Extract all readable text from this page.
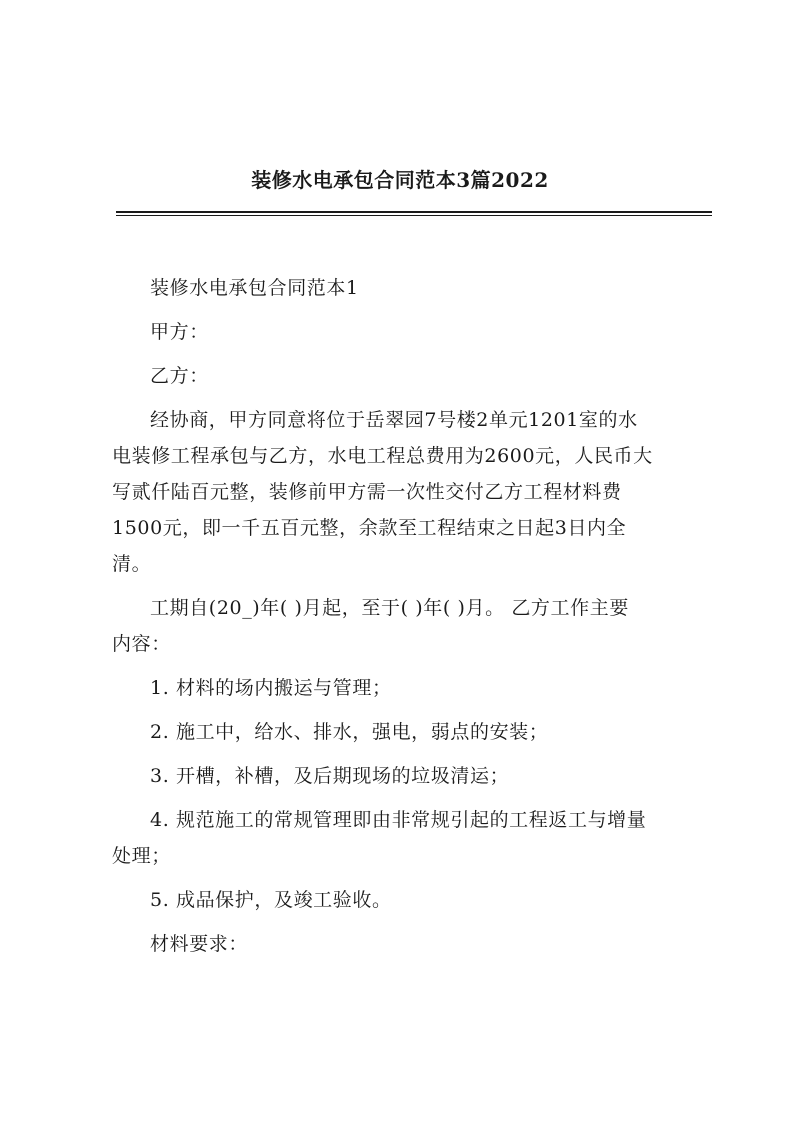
装修水电承包合同范本3篇2022

装修水电承包合同范本1

甲方：

乙方：

经协商，甲方同意将位于岳翠园7号楼2单元1201室的水
电装修工程承包与乙方，水电工程总费用为2600元，人民币大
写贰仟陆百元整，装修前甲方需一次性交付乙方工程材料费
1500元，即一千五百元整，余款至工程结束之日起3日内全
清。

工期自(20_)年( )月起，至于( )年( )月。 乙方工作主要
内容：

1. 材料的场内搬运与管理；

2. 施工中，给水、排水，强电，弱点的安装；

3. 开槽，补槽，及后期现场的垃圾清运；

4. 规范施工的常规管理即由非常规引起的工程返工与增量
处理；

5. 成品保护，及竣工验收。

材料要求：
